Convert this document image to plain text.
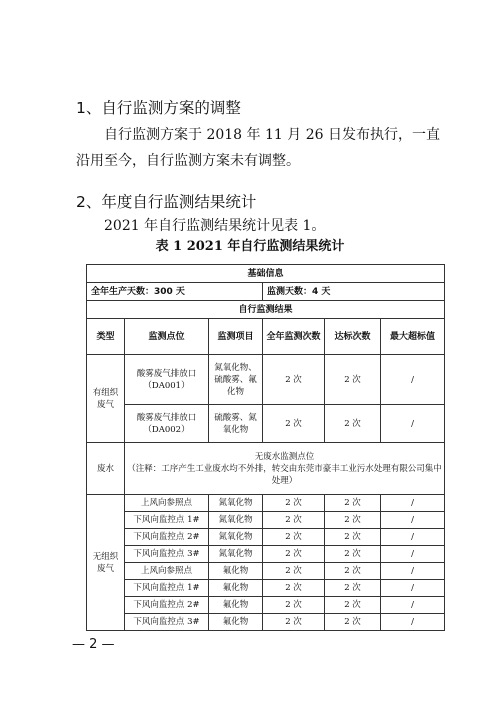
1、自行监测方案的调整
自行监测方案于 2018 年 11 月 26 日发布执行，一直沿用至今，自行监测方案未有调整。
2、年度自行监测结果统计
2021 年自行监测结果统计见表 1。
表 1 2021 年自行监测结果统计
基础信息					
全年生产天数：300 天			监测天数：4 天		
自行监测结果					
类型	监测点位	监测项目	全年监测次数	达标次数	最大超标值
有组织废气	酸雾废气排放口（DA001）	氮氧化物、硫酸雾、氟化物	2 次	2 次	/
	酸雾废气排放口（DA002）	硫酸雾、氮氧化物	2 次	2 次	/
废水	无废水监测点位
（注释：工序产生工业废水均不外排，转交由东莞市豪丰工业污水处理有限公司集中处理）				

无组织废气	上风向参照点	氮氧化物	2 次	2 次	/
	下风向监控点 1#	氮氧化物	2 次	2 次	/
	下风向监控点 2#	氮氧化物	2 次	2 次	/
	下风向监控点 3#	氮氧化物	2 次	2 次	/
	上风向参照点	氟化物	2 次	2 次	/
	下风向监控点 1#	氟化物	2 次	2 次	/
	下风向监控点 2#	氟化物	2 次	2 次	/
	下风向监控点 3#	氟化物	2 次	2 次	/
— 2 —
